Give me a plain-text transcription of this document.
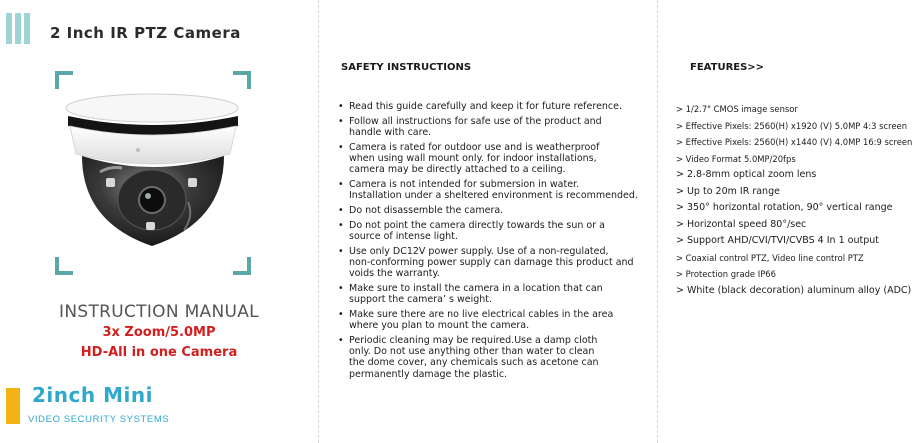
2 Inch IR PTZ Camera
INSTRUCTION MANUAL
3x Zoom/5.0MP
HD-All in one Camera
2inch Mini
VIDEO SECURITY SYSTEMS
SAFETY INSTRUCTIONS
• Read this guide carefully and keep it for future reference.
• Follow all instructions for safe use of the product and
handle with care.
• Camera is rated for outdoor use and is weatherproof
when using wall mount only. for indoor installations,
camera may be directly attached to a ceiling.
• Camera is not intended for submersion in water.
Installation under a sheltered environment is recommended.
• Do not disassemble the camera.
• Do not point the camera directly towards the sun or a
source of intense light.
• Use only DC12V power supply. Use of a non-regulated,
non-conforming power supply can damage this product and
voids the warranty.
• Make sure to install the camera in a location that can
support the camera’ s weight.
• Make sure there are no live electrical cables in the area
where you plan to mount the camera.
• Periodic cleaning may be required.Use a damp cloth
only. Do not use anything other than water to clean
the dome cover, any chemicals such as acetone can
permanently damage the plastic.
FEATURES>>
> 1/2.7" CMOS image sensor
> Effective Pixels: 2560(H) x1920 (V) 5.0MP 4:3 screen
> Effective Pixels: 2560(H) x1440 (V) 4.0MP 16:9 screen
> Video Format 5.0MP/20fps
> 2.8-8mm optical zoom lens
> Up to 20m IR range
> 350° horizontal rotation, 90° vertical range
> Horizontal speed 80°/sec
> Support AHD/CVI/TVI/CVBS 4 In 1 output
> Coaxial control PTZ, Video line control PTZ
> Protection grade IP66
> White (black decoration) aluminum alloy (ADC)
